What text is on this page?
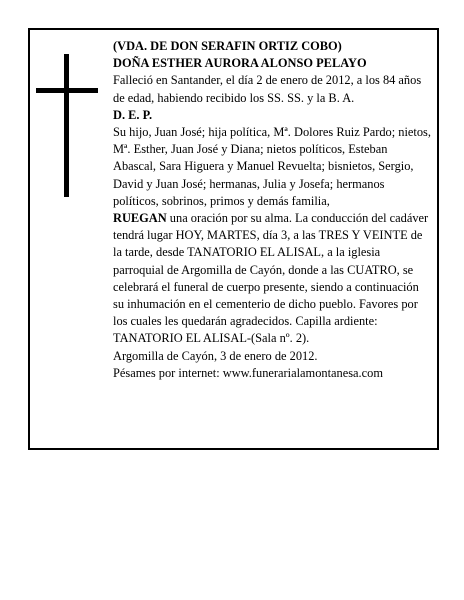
(VDA. DE DON SERAFIN ORTIZ COBO)

DOÑA ESTHER AURORA ALONSO PELAYO

Falleció en Santander, el día 2 de enero de 2012, a los 84 años de edad, habiendo recibido los SS. SS. y la B. A.

D. E. P.

Su hijo, Juan José; hija política, Mª. Dolores Ruiz Pardo; nietos, Mª. Esther, Juan José y Diana; nietos políticos, Esteban Abascal, Sara Higuera y Manuel Revuelta; bisnietos, Sergio, David y Juan José; hermanas, Julia y Josefa; hermanos políticos, sobrinos, primos y demás familia,

RUEGAN una oración por su alma. La conducción del cadáver tendrá lugar HOY, MARTES, día 3, a las TRES Y VEINTE de la tarde, desde TANATORIO EL ALISAL, a la iglesia parroquial de Argomilla de Cayón, donde a las CUATRO, se celebrará el funeral de cuerpo presente, siendo a continuación su inhumación en el cementerio de dicho pueblo. Favores por los cuales les quedarán agradecidos. Capilla ardiente: TANATORIO EL ALISAL-(Sala nº. 2).

Argomilla de Cayón, 3 de enero de 2012.

Pésames por internet: www.funerarialamontanesa.com
